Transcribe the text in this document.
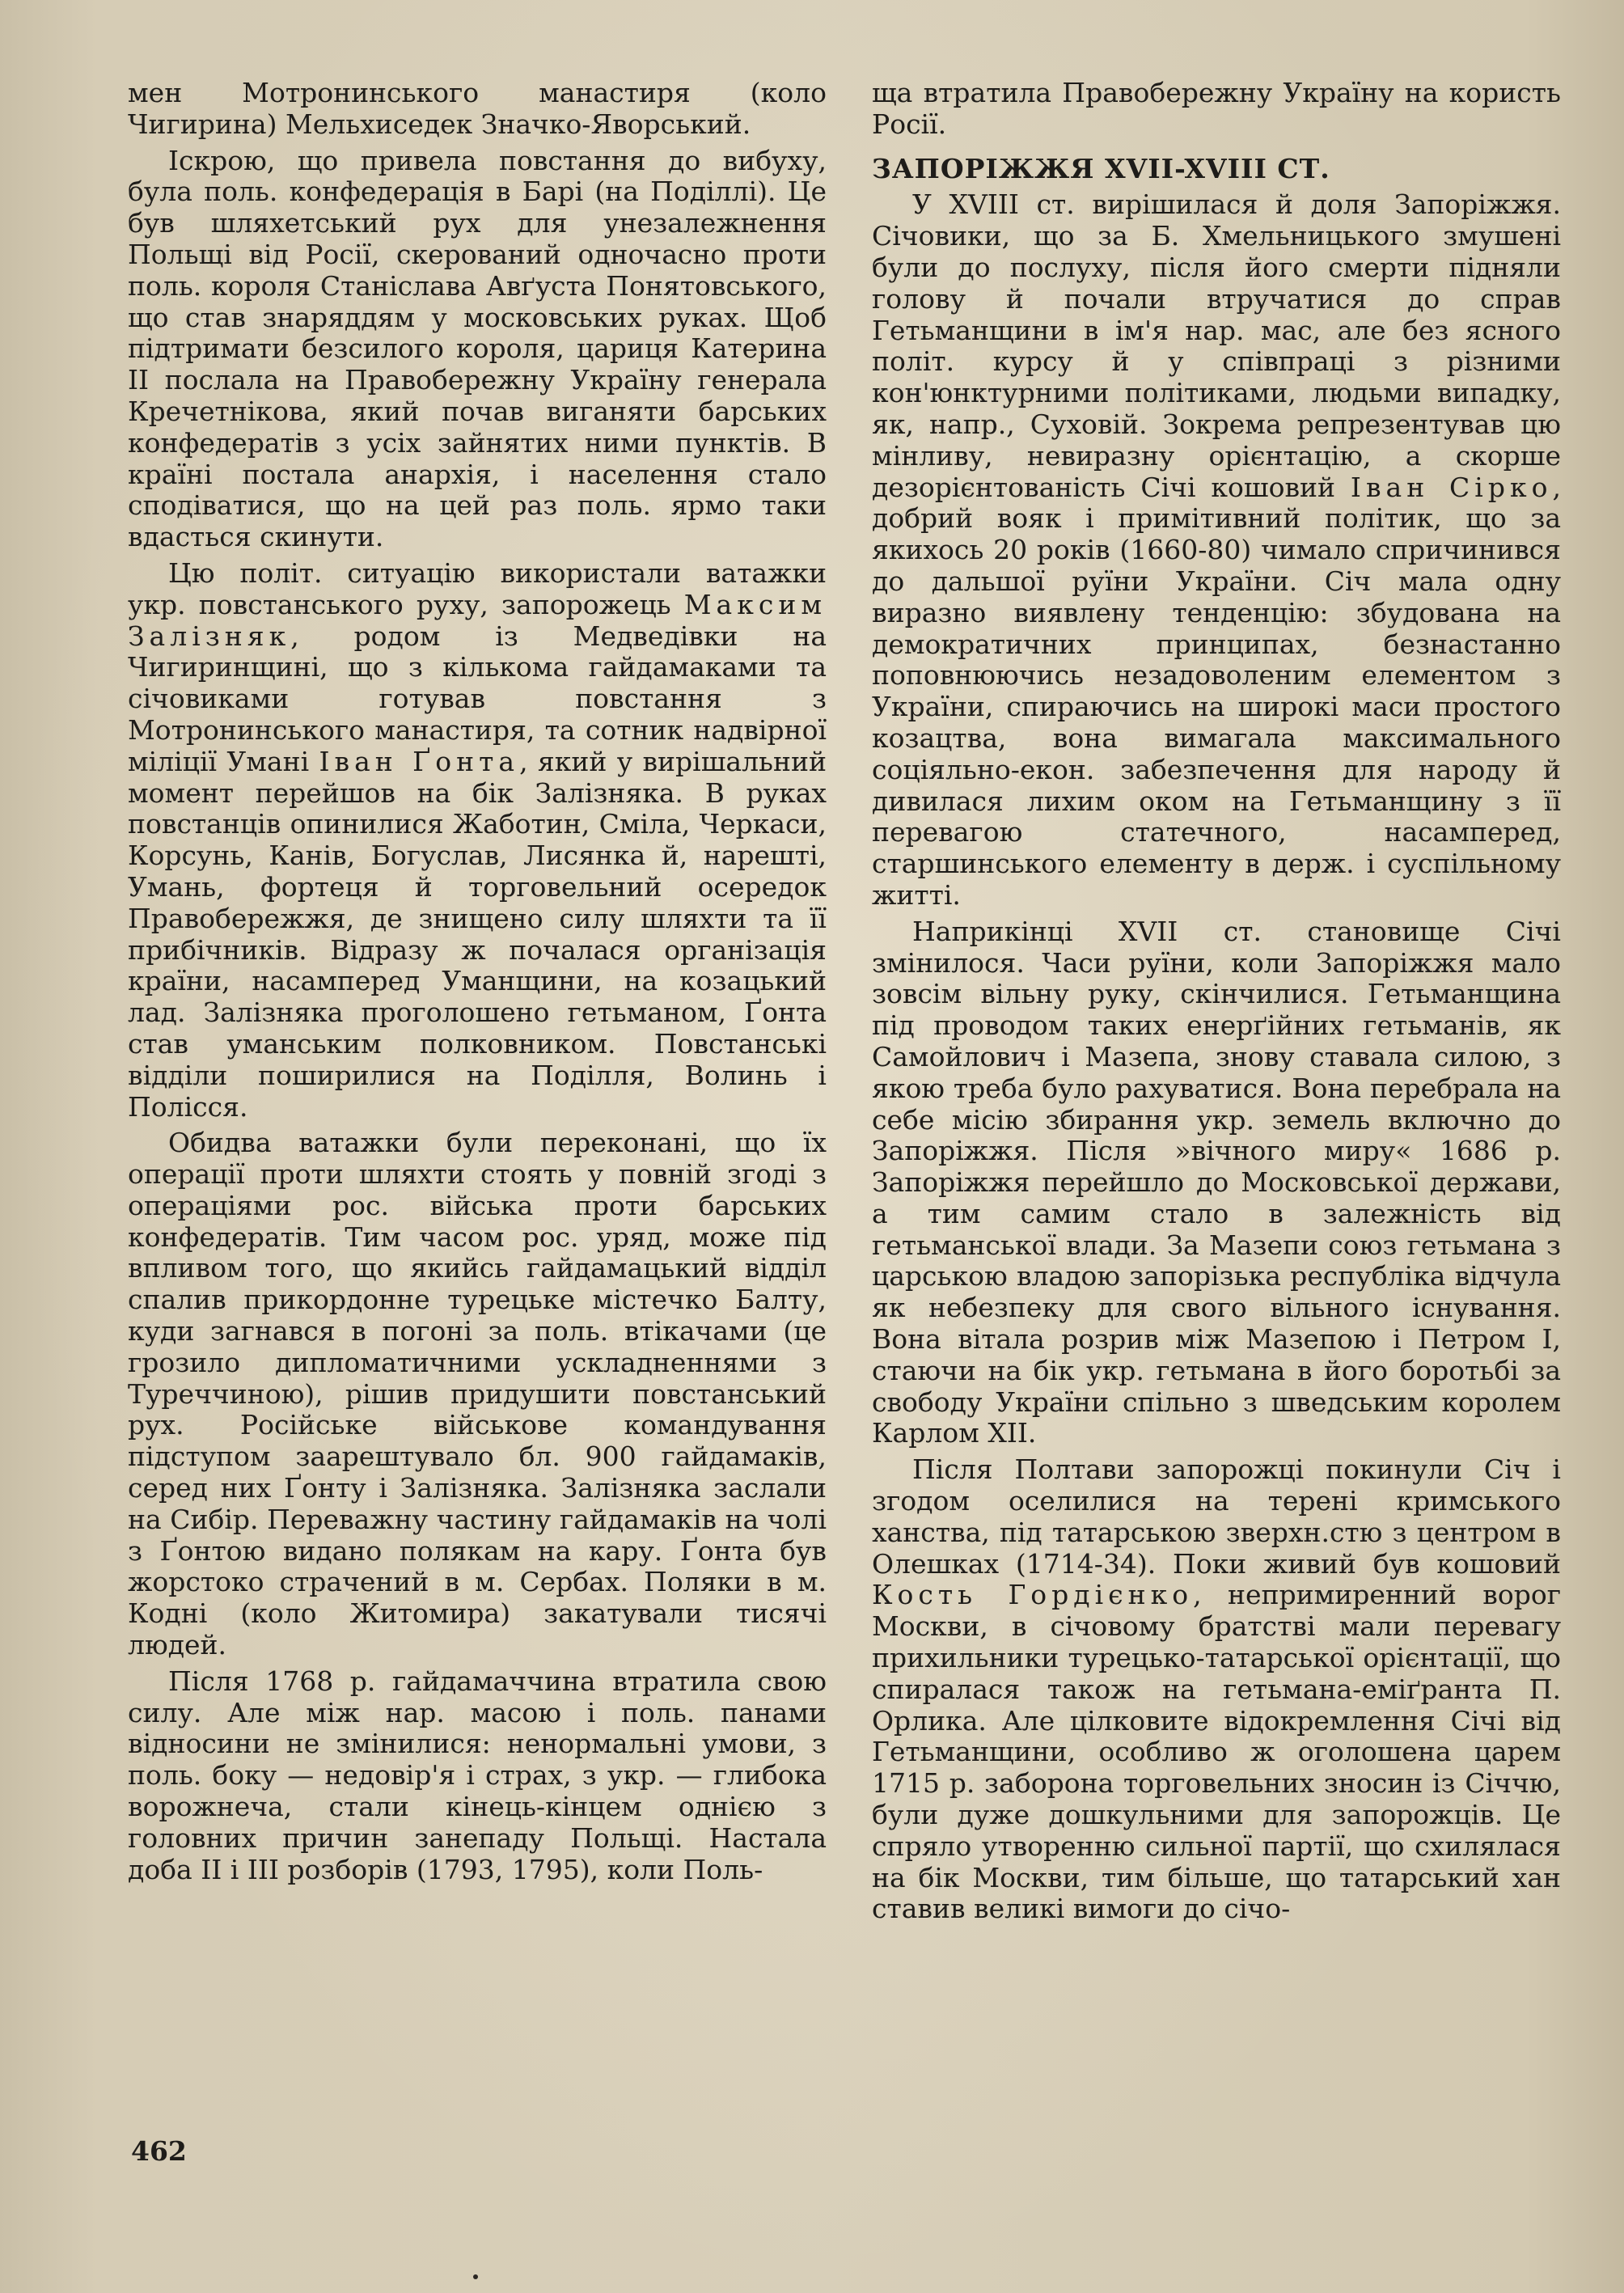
мен Мотронинського манастиря (коло Чигирина) Мельхиседек Значко-Яворський.

Іскрою, що привела повстання до вибуху, була поль. конфедерація в Барі (на Поділлі). Це був шляхетський рух для унезалежнення Польщі від Росії, скерований одночасно проти поль. короля Станіслава Авґуста Понятовського, що став знаряддям у московських руках. Щоб підтримати безсилого короля, цариця Катерина II послала на Правобережну Україну генерала Кречетнікова, який почав виганяти барських конфедератів з усіх зайнятих ними пунктів. В країні постала анархія, і населення стало сподіватися, що на цей раз поль. ярмо таки вдасться скинути.

Цю політ. ситуацію використали ватажки укр. повстанського руху, запорожець Максим Залізняк, родом із Медведівки на Чигиринщині, що з кількома гайдамаками та січовиками готував повстання з Мотронинського манастиря, та сотник надвірної міліції Умані Іван Ґонта, який у вирішальний момент перейшов на бік Залізняка. В руках повстанців опинилися Жаботин, Сміла, Черкаси, Корсунь, Канів, Богуслав, Лисянка й, нарешті, Умань, фортеця й торговельний осередок Правобережжя, де знищено силу шляхти та її прибічників. Відразу ж почалася організація країни, насамперед Уманщини, на козацький лад. Залізняка проголошено гетьманом, Ґонта став уманським полковником. Повстанські відділи поширилися на Поділля, Волинь і Полісся.

Обидва ватажки були переконані, що їх операції проти шляхти стоять у повній згоді з операціями рос. війська проти барських конфедератів. Тим часом рос. уряд, може під впливом того, що якийсь гайдамацький відділ спалив прикордонне турецьке містечко Балту, куди загнався в погоні за поль. втікачами (це грозило дипломатичними ускладненнями з Туреччиною), рішив придушити повстанський рух. Російське військове командування підступом заарештувало бл. 900 гайдамаків, серед них Ґонту і Залізняка. Залізняка заслали на Сибір. Переважну частину гайдамаків на чолі з Ґонтою видано полякам на кару. Ґонта був жорстоко страчений в м. Сербах. Поляки в м. Кодні (коло Житомира) закатували тисячі людей.

Після 1768 р. гайдамаччина втратила свою силу. Але між нар. масою і поль. панами відносини не змінилися: ненормальні умови, з поль. боку — недовір'я і страх, з укр. — глибока ворожнеча, стали кінець-кінцем однією з головних причин занепаду Польщі. Настала доба II і III розборів (1793, 1795), коли Поль-

ща втратила Правобережну Україну на користь Росії.

ЗАПОРІЖЖЯ XVII-XVIII СТ.

У XVIII ст. вирішилася й доля Запоріжжя. Січовики, що за Б. Хмельницького змушені були до послуху, після його смерти підняли голову й почали втручатися до справ Гетьманщини в ім'я нар. мас, але без ясного політ. курсу й у співпраці з різними кон'юнктурними політиками, людьми випадку, як, напр., Суховій. Зокрема репрезентував цю мінливу, невиразну орієнтацію, а скорше дезорієнтованість Січі кошовий Іван Сірко, добрий вояк і примітивний політик, що за якихось 20 років (1660-80) чимало спричинився до дальшої руїни України. Січ мала одну виразно виявлену тенденцію: збудована на демократичних принципах, безнастанно поповнюючись незадоволеним елементом з України, спираючись на широкі маси простого козацтва, вона вимагала максимального соціяльно-екон. забезпечення для народу й дивилася лихим оком на Гетьманщину з її перевагою статечного, насамперед, старшинського елементу в держ. і суспільному житті.

Наприкінці XVII ст. становище Січі змінилося. Часи руїни, коли Запоріжжя мало зовсім вільну руку, скінчилися. Гетьманщина під проводом таких енерґійних гетьманів, як Самойлович і Мазепа, знову ставала силою, з якою треба було рахуватися. Вона перебрала на себе місію збирання укр. земель включно до Запоріжжя. Після »вічного миру« 1686 р. Запоріжжя перейшло до Московської держави, а тим самим стало в залежність від гетьманської влади. За Мазепи союз гетьмана з царською владою запорізька республіка відчула як небезпеку для свого вільного існування. Вона вітала розрив між Мазепою і Петром I, стаючи на бік укр. гетьмана в його боротьбі за свободу України спільно з шведським королем Карлом XII.

Після Полтави запорожці покинули Січ і згодом оселилися на терені кримського ханства, під татарською зверхн.стю з центром в Олешках (1714-34). Поки живий був кошовий Кость Гордієнко, непримиренний ворог Москви, в січовому братстві мали перевагу прихильники турецько-татарської орієнтації, що спиралася також на гетьмана-еміґранта П. Орлика. Але цілковите відокремлення Січі від Гетьманщини, особливо ж оголошена царем 1715 р. заборона торговельних зносин із Січчю, були дуже дошкульними для запорожців. Це спряло утворенню сильної партії, що схилялася на бік Москви, тим більше, що татарський хан ставив великі вимоги до січо-

462
